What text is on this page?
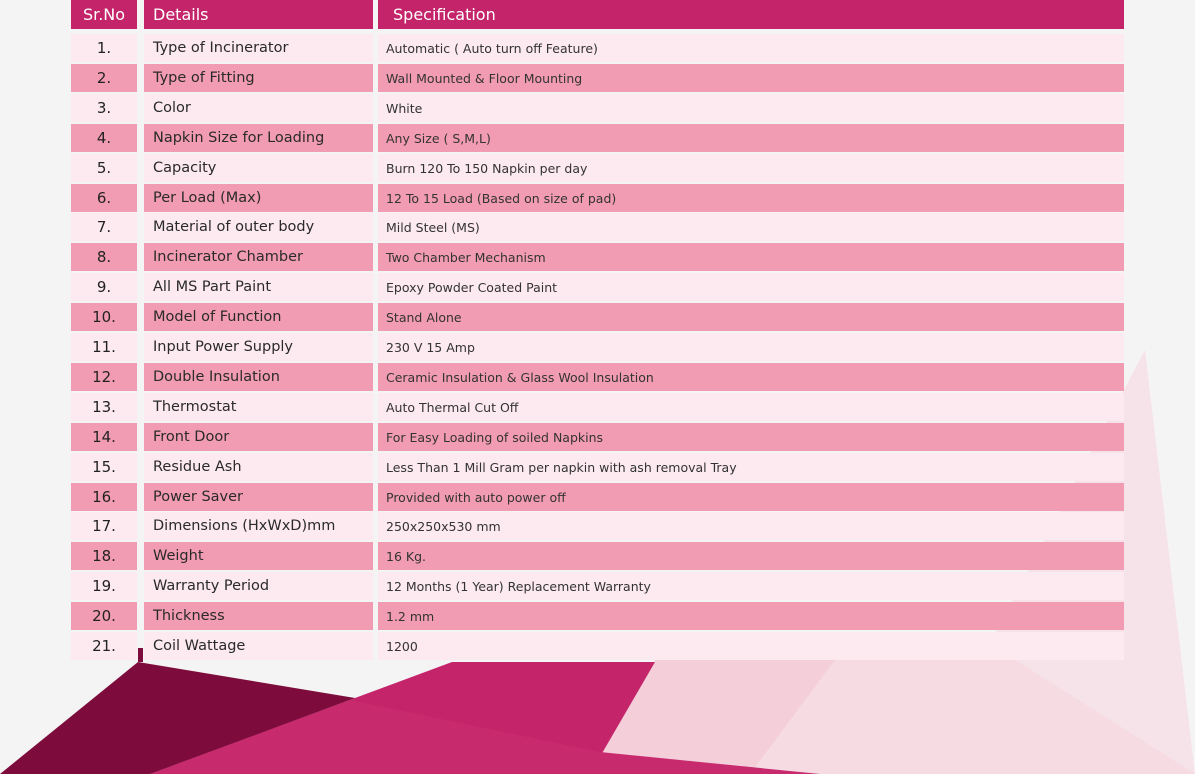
Sr.No	Details	Specification
1.	Type of Incinerator	Automatic ( Auto turn off Feature)
2.	Type of Fitting	Wall Mounted & Floor Mounting
3.	Color	White
4.	Napkin Size for Loading	Any Size ( S,M,L)
5.	Capacity	Burn 120 To 150 Napkin per day
6.	Per Load (Max)	12 To 15 Load (Based on size of pad)
7.	Material of outer body	Mild Steel (MS)
8.	Incinerator Chamber	Two Chamber Mechanism
9.	All MS Part Paint	Epoxy Powder Coated Paint
10.	Model of Function	Stand Alone
11.	Input Power Supply	230 V 15 Amp
12.	Double Insulation	Ceramic Insulation & Glass Wool Insulation
13.	Thermostat	Auto Thermal Cut Off
14.	Front Door	For Easy Loading of soiled Napkins
15.	Residue Ash	Less Than 1 Mill Gram per napkin with ash removal Tray
16.	Power Saver	Provided with auto power off
17.	Dimensions (HxWxD)mm	250x250x530 mm
18.	Weight	16 Kg.
19.	Warranty Period	12 Months (1 Year) Replacement Warranty
20.	Thickness	1.2 mm
21.	Coil Wattage	1200
